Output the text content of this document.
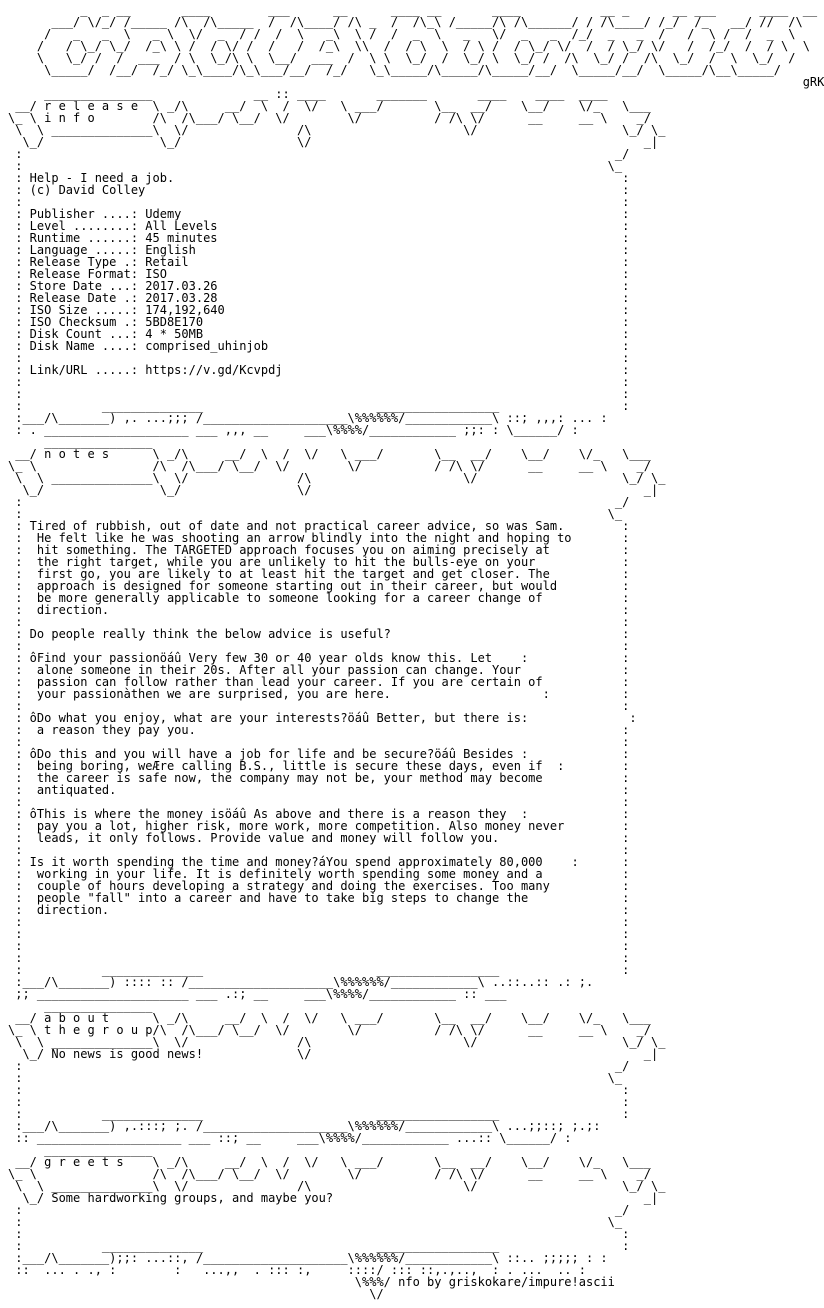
_  _ __       ____        ___      __      ____ __       ____           __ _      __ ___      ____  __
___/ \/_/ /_____ /\  /\_____  /  /\____/ /\ _  /  /\_\ /_____/\ /\______/ / /\____/ /_/  /_   __/ //  /\
/   _   _  \   _ \  \/  _  / /  /  \   _\  \ /  /  _  \   _   \/  _   _  /_/  _   _  /   /  \ /  /  _  \
/   / \_/ \_/  /_\ \ /  / \/ /  /   /  /_\  \\  /  / \  \  / \ /  / \_/ \/  /  / \_/ \/   /  /_/  /  / \  \
\   \_/ /  /  ___  / \  \_/\ \  \__/  ___  /  \ \  \_/  /  \_/ \  \_/ /  /\  \_/ /  /\  \_/  /  \  \_/  /
\_____/  /__/  /_/ \_\____/\_\___/__/  /_/   \_\_____/\_____/\_____/__/  \_____/__/  \_____/\__\_____/
gRK
_______________              __ :: ____       _______       ____    ____  ____
__/ r e l e a s e  \ _/\     __/  \  /  \/   \ ___/       \__  __/    \__/    \/_   \___
\_ \ i n f o        /\  /\___/ \__/  \/        \/          / /\ \/      __     __ \    _/
\  \ ______________\  \/               /\                     \/                    \_/ \_
\_/                \_/                \/                                              _|
:                                                                                  _/
:                                                                                 \_
: Help - I need a job.                                                              :
: (c) David Colley                                                                  :
:                                                                                   :
: Publisher ....: Udemy                                                             :
: Level ........: All Levels                                                        :
: Runtime ......: 45 minutes                                                        :
: Language .....: English                                                           :
: Release Type .: Retail                                                            :
: Release Format: ISO                                                               :
: Store Date ...: 2017.03.26                                                        :
: Release Date .: 2017.03.28                                                        :
: ISO Size .....: 174,192,640                                                       :
: ISO Checksum .: 5BD8E170                                                          :
: Disk Count ...: 4 * 50MB                                                          :
: Disk Name ....: comprised_uhinjob                                                 :
:                                                                                   :
: Link/URL .....: https://v.gd/Kcvpdj                                               :
:                                                                                   :
:                                                                                   :
:           ______________                        _________________                 :
:___/\_______) ,. ...;;; /____________________\%%%%%%/____________\ ::; ,,,: ... :
: . ____________________ ___ ,,, __     ___\%%%%/____________ ;;: : \______/ :
_______________
__/ n o t e s      \ _/\     __/  \  /  \/   \ ___/       \__  __/    \__/    \/_   \___
\_ \                /\  /\___/ \__/  \/        \/          / /\ \/      __     __ \    _/
\  \ ______________\  \/               /\                     \/                    \_/ \_
\_/                \_/                \/                                              _|
:                                                                                  _/
:                                                                                 \_
: Tired of rubbish, out of date and not practical career advice, so was Sam.        :
:  He felt like he was shooting an arrow blindly into the night and hoping to       :
:  hit something. The TARGETED approach focuses you on aiming precisely at          :
:  the right target, while you are unlikely to hit the bulls-eye on your            :
:  first go, you are likely to at least hit the target and get closer. The          :
:  approach is designed for someone starting out in their career, but would         :
:  be more generally applicable to someone looking for a career change of           :
:  direction.                                                                       :
:                                                                                   :
: Do people really think the below advice is useful?                                :
:                                                                                   :
: ôFind your passionöáû Very few 30 or 40 year olds know this. Let    :             :
:  alone someone in their 20s. After all your passion can change. Your              :
:  passion can follow rather than lead your career. If you are certain of           :
:  your passionàthen we are surprised, you are here.                     :          :
:                                                                                   :
: ôDo what you enjoy, what are your interests?öáû Better, but there is:              :
:  a reason they pay you.                                                           :
:                                                                                   :
: ôDo this and you will have a job for life and be secure?öáû Besides :             :
:  being boring, weÆre calling B.S., little is secure these days, even if  :        :
:  the career is safe now, the company may not be, your method may become           :
:  antiquated.                                                                      :
:                                                                                   :
: ôThis is where the money isöáû As above and there is a reason they  :             :
:  pay you a lot, higher risk, more work, more competition. Also money never        :
:  leads, it only follows. Provide value and money will follow you.                 :
:                                                                                   :
: Is it worth spending the time and money?áYou spend approximately 80,000    :      :
:  working in your life. It is definitely worth spending some money and a           :
:  couple of hours developing a strategy and doing the exercises. Too many          :
:  people "fall" into a career and have to take big steps to change the             :
:  direction.                                                                       :
:                                                                                   :
:                                                                                   :
:                                                                                   :
:                                                                                   :
:           ______________                        _________________                 :
:___/\_______) :::: :: /____________________\%%%%%%/____________\ ..::..:: .: ;.
;; _____________________ ___ .:; __     ___\%%%%/____________ :: ___
_______________
__/ a b o u t      \ _/\     __/  \  /  \/   \ ___/       \__  __/    \__/    \/_   \___
\_ \ t h e g r o u p/\  /\___/ \__/  \/        \/          / /\ \/      __     __ \    _/
\  \ ______________\  \/               /\                     \/                    \_/ \_
\_/ No news is good news!             \/                                              _|
:                                                                                  _/
:                                                                                 \_
:                                                                                   :
:                                                                                   :
:           ______________                        _________________                 :
:___/\_______) ,.:::; ;. /____________________\%%%%%%/____________\ ...;;::; ;.;:
:: ____________________ ___ ::; __     ___\%%%%/____________ ...:: \______/ :
_______________
__/ g r e e t s    \ _/\     __/  \  /  \/   \ ___/       \__  __/    \__/    \/_   \___
\_ \                /\  /\___/ \__/  \/        \/          / /\ \/      __     __ \    _/
\  \ ______________\  \/               /\                     \/                    \_/ \_
\_/ Some hardworking groups, and maybe you?                                           _|
:                                                                                  _/
:                                                                                 \_
:                                                                                   :
:           ______________                        _________________                 :
:___/\_______);;: ...::, /____________________\%%%%%%/____________\ ::.. ;;;;; : :
::  ... . ., :        :   ...,,  . ::: :,     ::::/ ::: ::,.,..,  : . ...  .. :
\%%%/ nfo by griskokare/impure!ascii
\/
